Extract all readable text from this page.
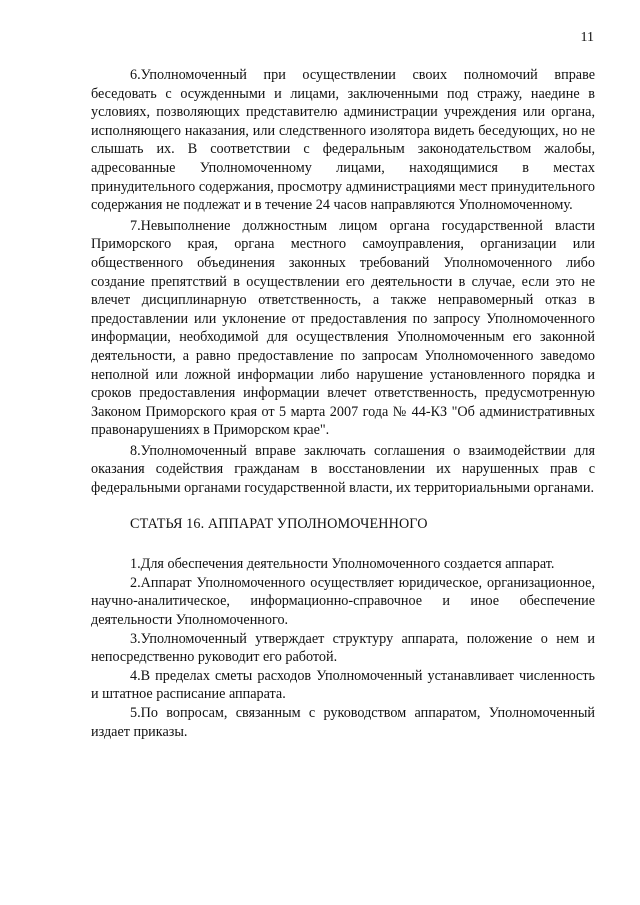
11

6.Уполномоченный при осуществлении своих полномочий вправе беседовать с осужденными и лицами, заключенными под стражу, наедине в условиях, позволяющих представителю администрации учреждения или органа, исполняющего наказания, или следственного изолятора видеть беседующих, но не слышать их. В соответствии с федеральным законодательством жалобы, адресованные Уполномоченному лицами, находящимися в местах принудительного содержания, просмотру администрациями мест принудительного содержания не подлежат и в течение 24 часов направляются Уполномоченному.

7.Невыполнение должностным лицом органа государственной власти Приморского края, органа местного самоуправления, организации или общественного объединения законных требований Уполномоченного либо создание препятствий в осуществлении его деятельности в случае, если это не влечет дисциплинарную ответственность, а также неправомерный отказ в предоставлении или уклонение от предоставления по запросу Уполномоченного информации, необходимой для осуществления Уполномоченным его законной деятельности, а равно предоставление по запросам Уполномоченного заведомо неполной или ложной информации либо нарушение установленного порядка и сроков предоставления информации влечет ответственность, предусмотренную Законом Приморского края от 5 марта 2007 года № 44-КЗ "Об административных правонарушениях в Приморском крае".

8.Уполномоченный вправе заключать соглашения о взаимодействии для оказания содействия гражданам в восстановлении их нарушенных прав с федеральными органами государственной власти, их территориальными органами.

СТАТЬЯ 16. АППАРАТ УПОЛНОМОЧЕННОГО

1.Для обеспечения деятельности Уполномоченного создается аппарат.

2.Аппарат Уполномоченного осуществляет юридическое, организационное, научно-аналитическое, информационно-справочное и иное обеспечение деятельности Уполномоченного.

3.Уполномоченный утверждает структуру аппарата, положение о нем и непосредственно руководит его работой.

4.В пределах сметы расходов Уполномоченный устанавливает численность и штатное расписание аппарата.

5.По вопросам, связанным с руководством аппаратом, Уполномоченный издает приказы.
